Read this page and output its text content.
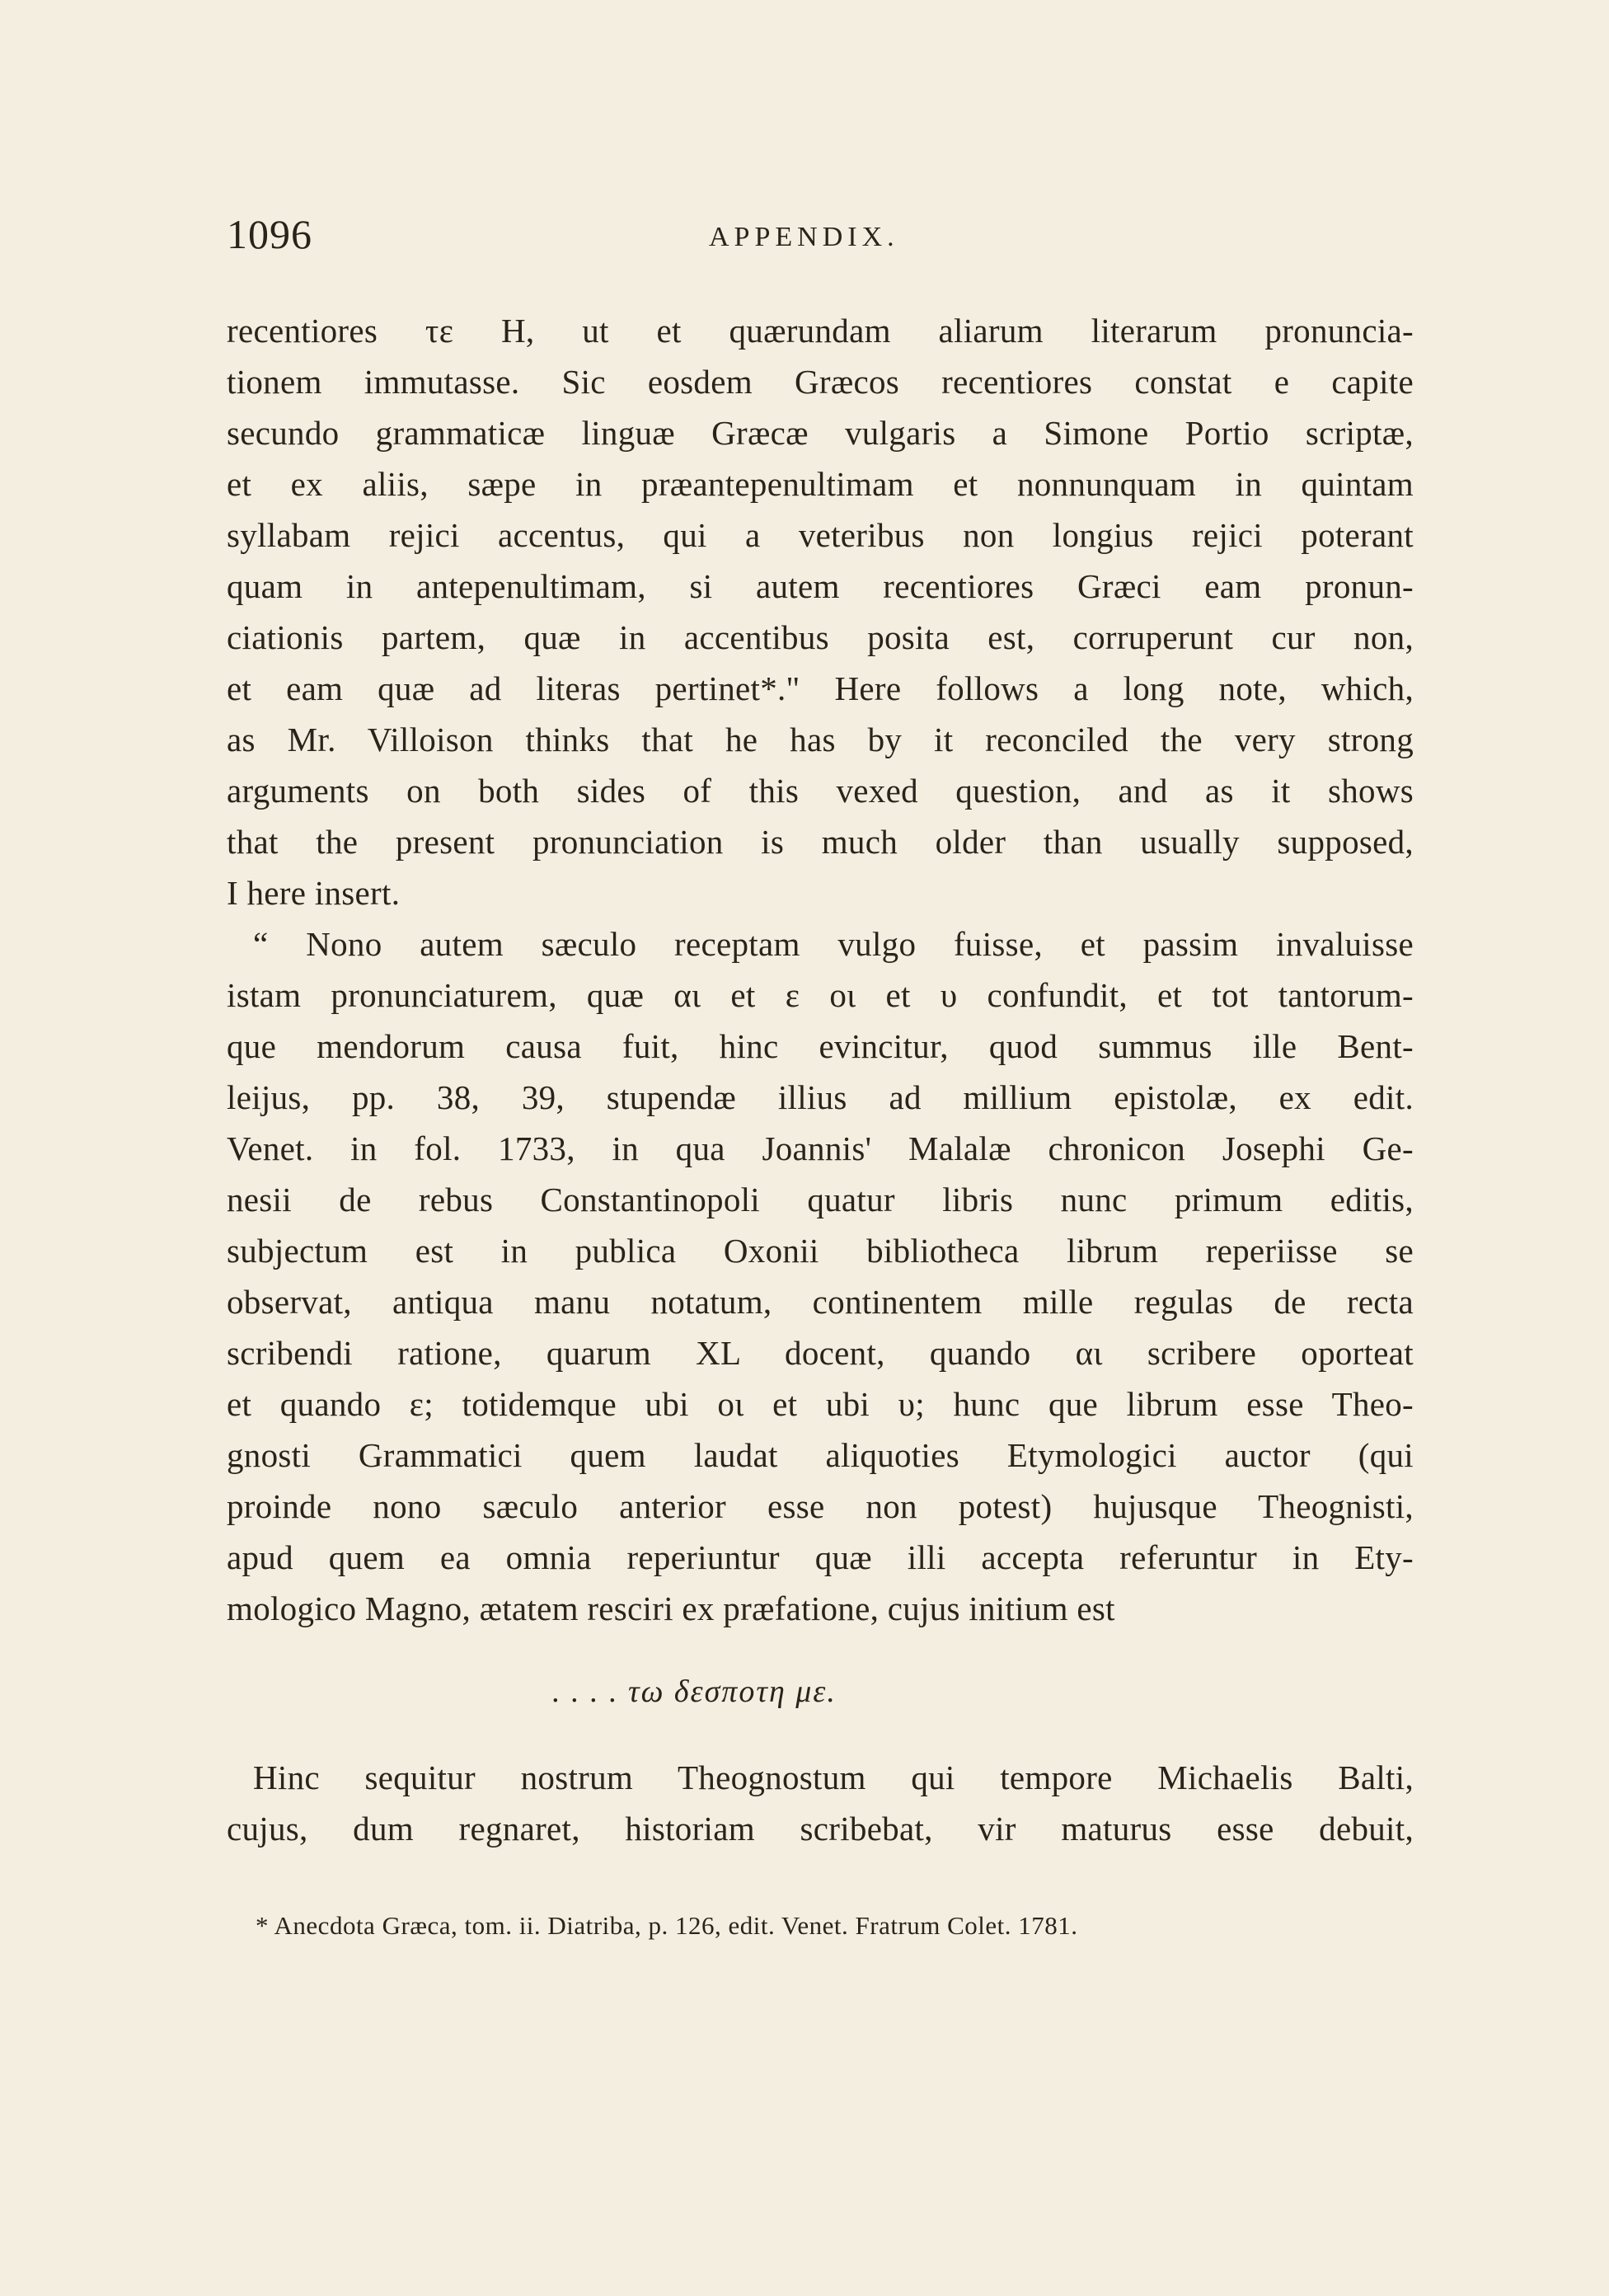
1096	APPENDIX.
recentiores τε H, ut et quærundam aliarum literarum pronuncia-
tionem immutasse. Sic eosdem Græcos recentiores constat e capite
secundo grammaticæ linguæ Græcæ vulgaris a Simone Portio scriptæ,
et ex aliis, sæpe in præantepenultimam et nonnunquam in quintam
syllabam rejici accentus, qui a veteribus non longius rejici poterant
quam in antepenultimam, si autem recentiores Græci eam pronun-
ciationis partem, quæ in accentibus posita est, corruperunt cur non,
et eam quæ ad literas pertinet*." Here follows a long note, which,
as Mr. Villoison thinks that he has by it reconciled the very strong
arguments on both sides of this vexed question, and as it shows
that the present pronunciation is much older than usually supposed,
I here insert.
“ Nono autem sæculo receptam vulgo fuisse, et passim invaluisse
istam pronunciaturem, quæ αι et ε οι et υ confundit, et tot tantorum-
que mendorum causa fuit, hinc evincitur, quod summus ille Bent-
leijus, pp. 38, 39, stupendæ illius ad millium epistolæ, ex edit.
Venet. in fol. 1733, in qua Joannis' Malalæ chronicon Josephi Ge-
nesii de rebus Constantinopoli quatur libris nunc primum editis,
subjectum est in publica Oxonii bibliotheca librum reperiisse se
observat, antiqua manu notatum, continentem mille regulas de recta
scribendi ratione, quarum XL docent, quando αι scribere oporteat
et quando ε; totidemque ubi οι et ubi υ; hunc que librum esse Theo-
gnosti Grammatici quem laudat aliquoties Etymologici auctor (qui
proinde nono sæculo anterior esse non potest) hujusque Theognisti,
apud quem ea omnia reperiuntur quæ illi accepta referuntur in Ety-
mologico Magno, ætatem resciri ex præfatione, cujus initium est
. . . . τω δεσποτη με.
Hinc sequitur nostrum Theognostum qui tempore Michaelis Balti,
cujus, dum regnaret, historiam scribebat, vir maturus esse debuit,
* Anecdota Græca, tom. ii. Diatriba, p. 126, edit. Venet. Fratrum Colet. 1781.
